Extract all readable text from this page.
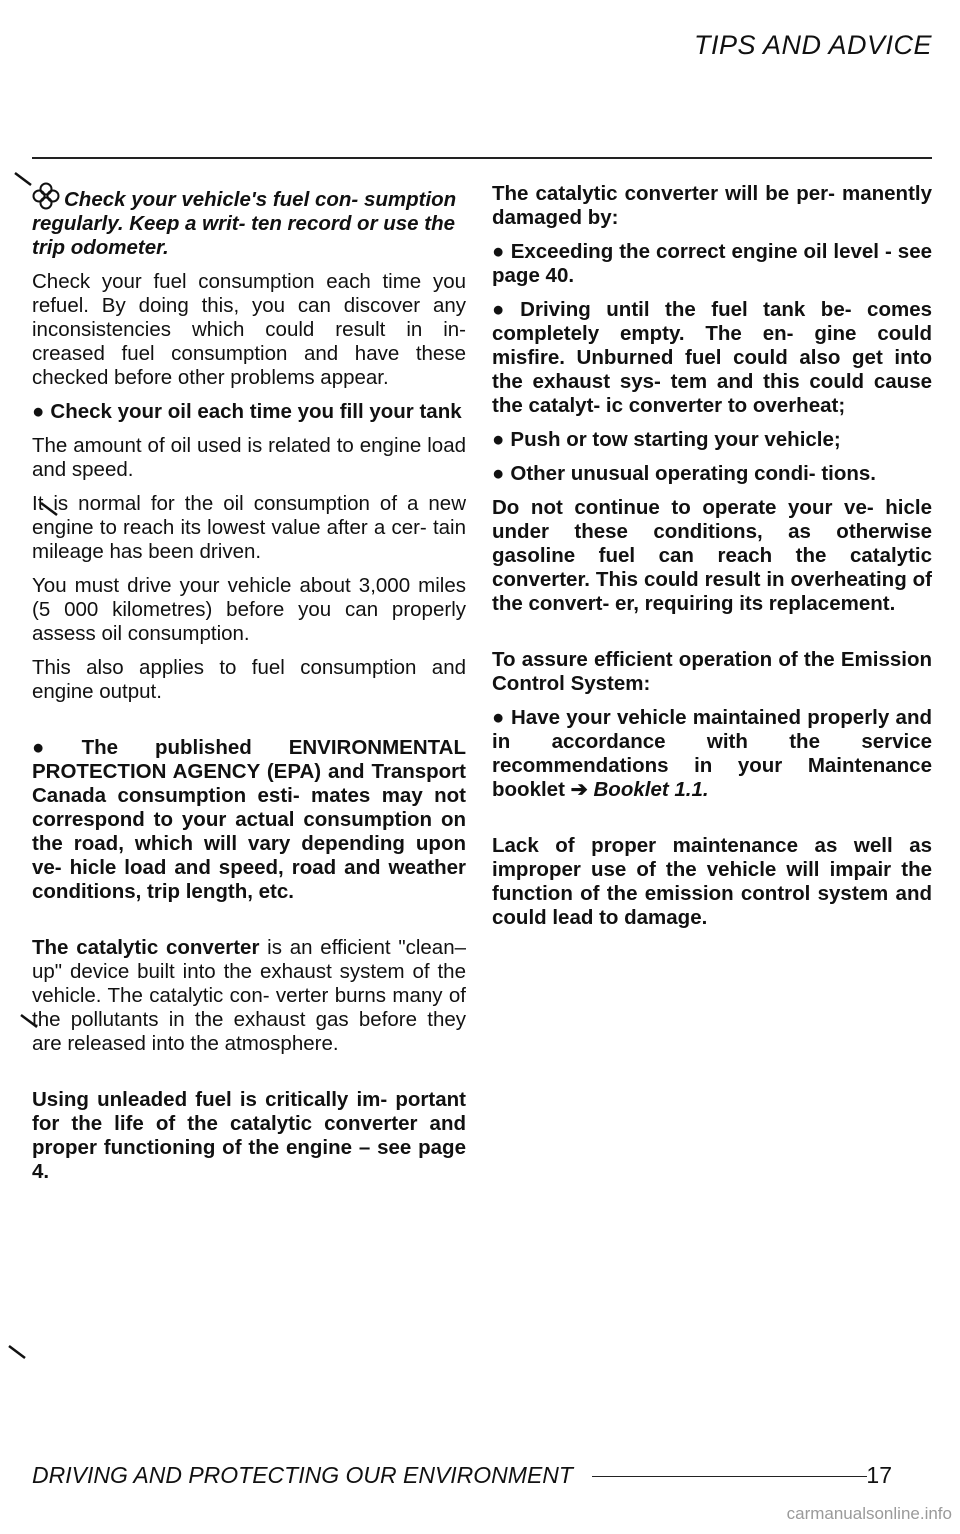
TIPS AND ADVICE

Check your vehicle's fuel con- sumption regularly. Keep a writ- ten record or use the trip odometer.

Check your fuel consumption each time you refuel. By doing this, you can discover any inconsistencies which could result in in- creased fuel consumption and have these checked before other problems appear.

● Check your oil each time you fill your tank

The amount of oil used is related to engine load and speed.

It is normal for the oil consumption of a new engine to reach its lowest value after a cer- tain mileage has been driven.

You must drive your vehicle about 3,000 miles (5 000 kilometres) before you can properly assess oil consumption.

This also applies to fuel consumption and engine output.

● The published ENVIRONMENTAL PROTECTION AGENCY (EPA) and Transport Canada consumption esti- mates may not correspond to your actual consumption on the road, which will vary depending upon ve- hicle load and speed, road and weather conditions, trip length, etc.

The catalytic converter is an efficient "clean–up" device built into the exhaust system of the vehicle. The catalytic con- verter burns many of the pollutants in the exhaust gas before they are released into the atmosphere.

Using unleaded fuel is critically im- portant for the life of the catalytic converter and proper functioning of the engine – see page 4.

The catalytic converter will be per- manently damaged by:

● Exceeding the correct engine oil level - see page 40.

● Driving until the fuel tank be- comes completely empty. The en- gine could misfire. Unburned fuel could also get into the exhaust sys- tem and this could cause the catalyt- ic converter to overheat;

● Push or tow starting your vehicle;

● Other unusual operating condi- tions.

Do not continue to operate your ve- hicle under these conditions, as otherwise gasoline fuel can reach the catalytic converter. This could result in overheating of the convert- er, requiring its replacement.

To assure efficient operation of the Emission Control System:

● Have your vehicle maintained properly and in accordance with the service recommendations in your Maintenance booklet ➔ Booklet 1.1.

Lack of proper maintenance as well as improper use of the vehicle will impair the function of the emission control system and could lead to damage.

DRIVING AND PROTECTING OUR ENVIRONMENT	17
carmanualsonline.info
